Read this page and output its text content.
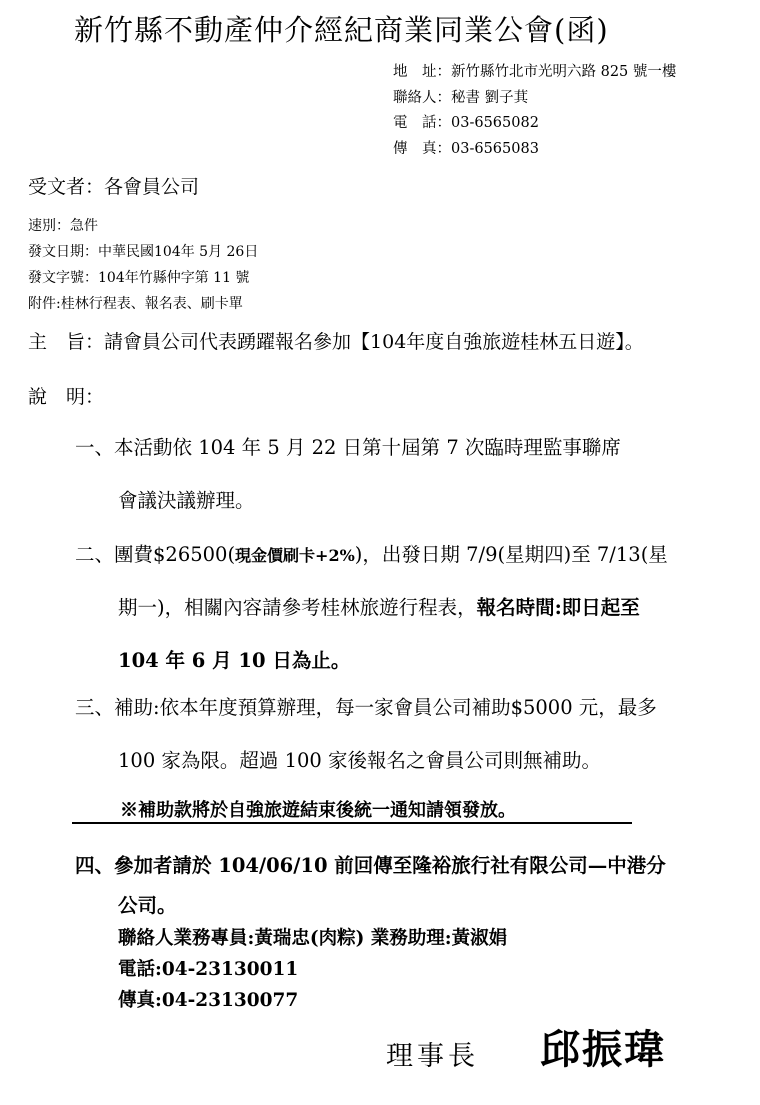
新竹縣不動產仲介經紀商業同業公會(函)
地　址：新竹縣竹北市光明六路 825 號一樓
聯絡人：秘書 劉子萁
電　話：03-6565082
傳　真：03-6565083
受文者：各會員公司
速別：急件
發文日期：中華民國104年 5月 26日
發文字號：104年竹縣仲字第 11 號
附件:桂林行程表、報名表、刷卡單
主　旨：請會員公司代表踴躍報名參加【104年度自強旅遊桂林五日遊】。
說　明：
一、本活動依 104 年 5 月 22 日第十屆第 7 次臨時理監事聯席
會議決議辦理。
二、團費$26500(現金價刷卡+2%)，出發日期 7/9(星期四)至 7/13(星
期一)，相關內容請參考桂林旅遊行程表，報名時間:即日起至
104 年 6 月 10 日為止。
三、補助:依本年度預算辦理，每一家會員公司補助$5000 元，最多
100 家為限。超過 100 家後報名之會員公司則無補助。
※補助款將於自強旅遊結束後統一通知請領發放。
四、參加者請於 104/06/10 前回傳至隆裕旅行社有限公司—中港分
公司。
聯絡人業務專員:黃瑞忠(肉粽) 業務助理:黃淑娟
電話:04-23130011
傳真:04-23130077
理事長 邱振瑋
